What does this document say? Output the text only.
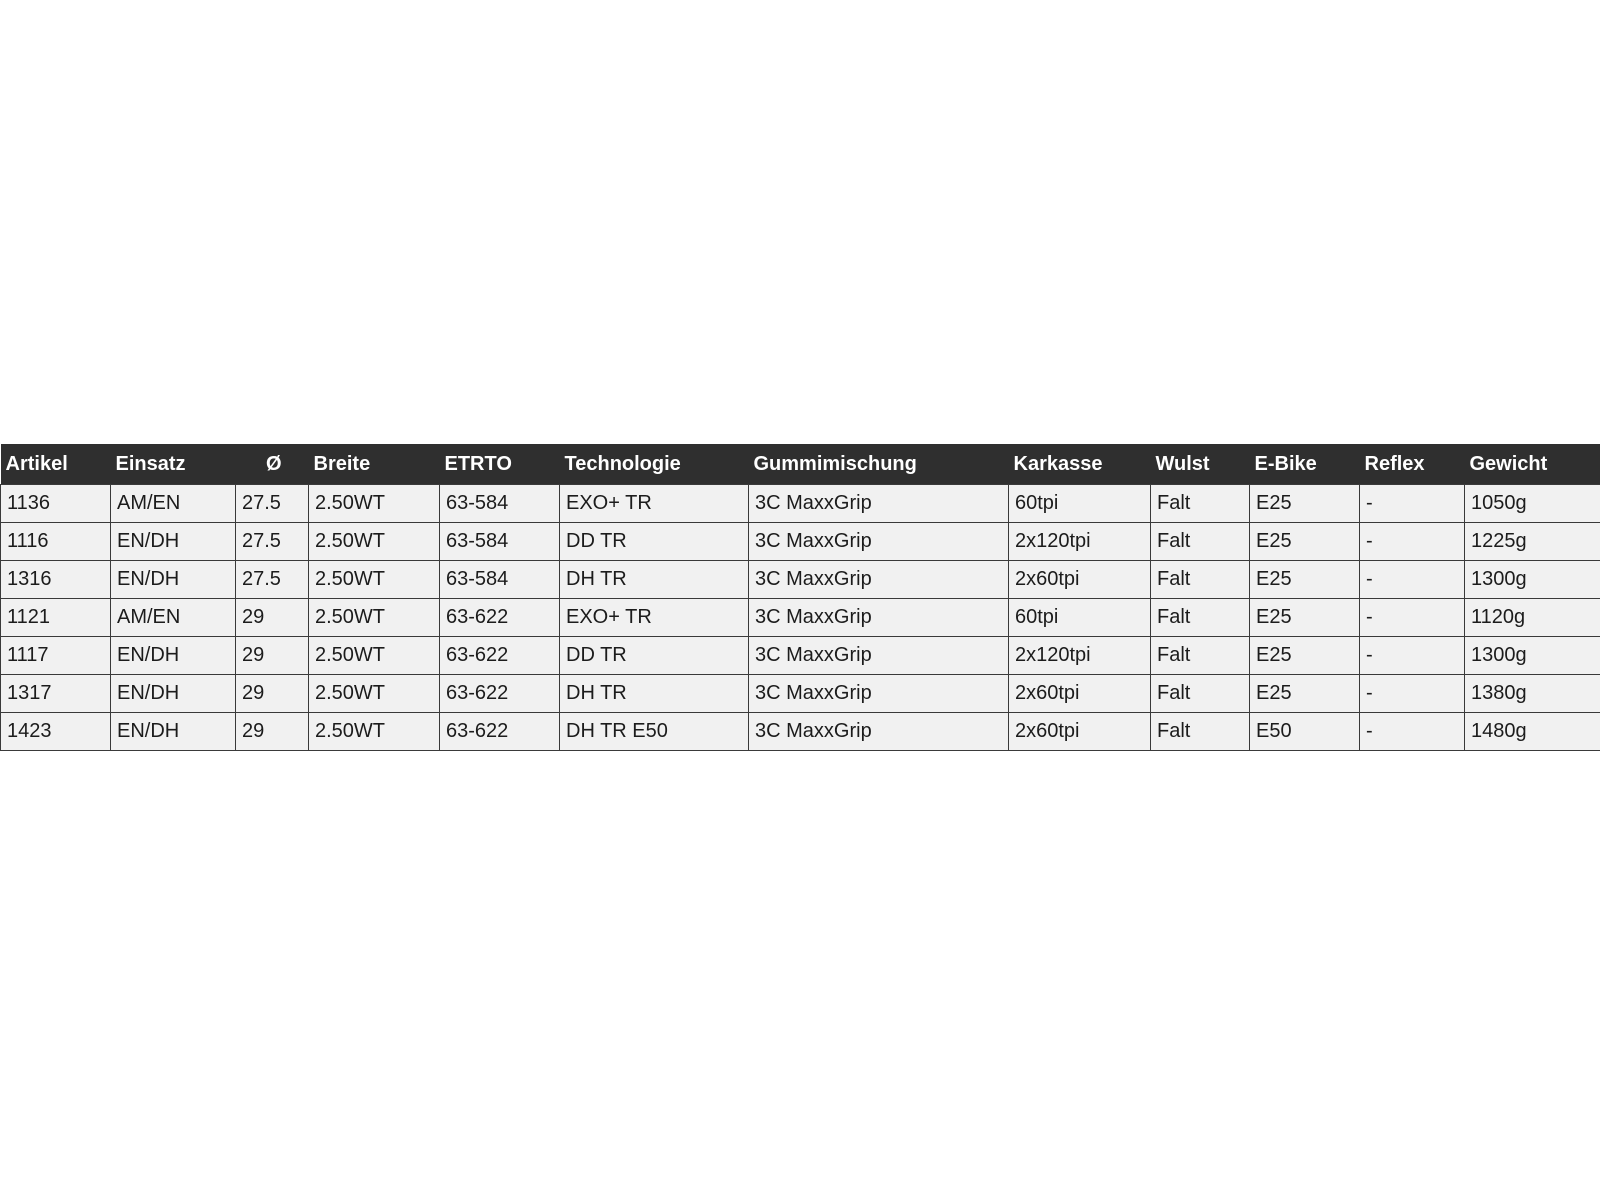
Artikel	Einsatz	Ø	Breite	ETRTO	Technologie	Gummimischung	Karkasse	Wulst	E-Bike	Reflex	Gewicht
1136	AM/EN	27.5	2.50WT	63-584	EXO+ TR	3C MaxxGrip	60tpi	Falt	E25	-	1050g
1116	EN/DH	27.5	2.50WT	63-584	DD TR	3C MaxxGrip	2x120tpi	Falt	E25	-	1225g
1316	EN/DH	27.5	2.50WT	63-584	DH TR	3C MaxxGrip	2x60tpi	Falt	E25	-	1300g
1121	AM/EN	29	2.50WT	63-622	EXO+ TR	3C MaxxGrip	60tpi	Falt	E25	-	1120g
1117	EN/DH	29	2.50WT	63-622	DD TR	3C MaxxGrip	2x120tpi	Falt	E25	-	1300g
1317	EN/DH	29	2.50WT	63-622	DH TR	3C MaxxGrip	2x60tpi	Falt	E25	-	1380g
1423	EN/DH	29	2.50WT	63-622	DH TR E50	3C MaxxGrip	2x60tpi	Falt	E50	-	1480g
